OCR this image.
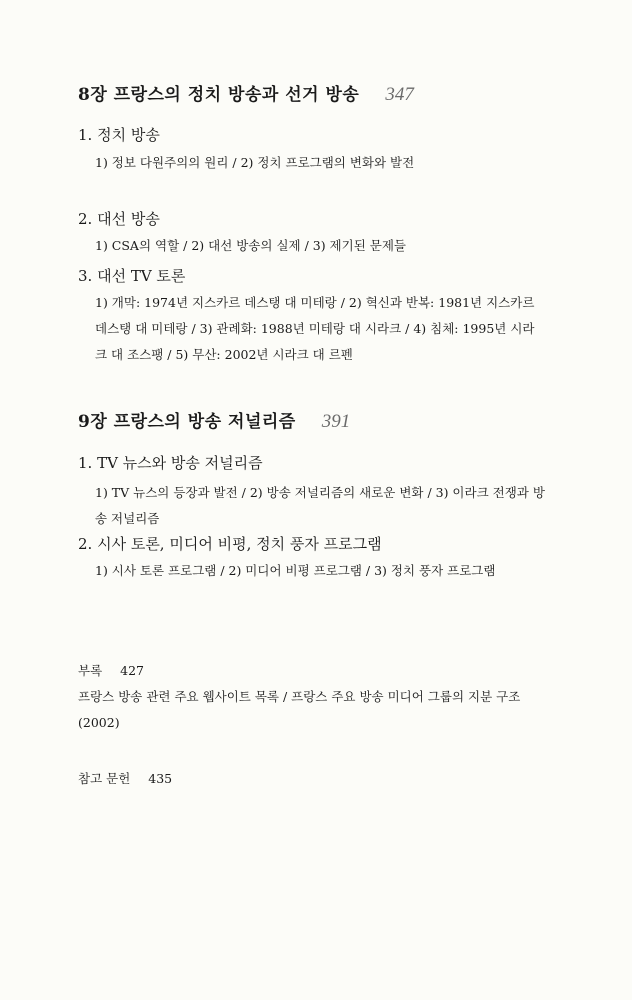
8장 프랑스의 정치 방송과 선거 방송 347
1. 정치 방송
1) 정보 다원주의의 원리 / 2) 정치 프로그램의 변화와 발전
2. 대선 방송
1) CSA의 역할 / 2) 대선 방송의 실제 / 3) 제기된 문제들
3. 대선 TV 토론
1) 개막: 1974년 지스카르 데스탱 대 미테랑 / 2) 혁신과 반복: 1981년 지스카르 데스탱 대 미테랑 / 3) 관례화: 1988년 미테랑 대 시라크 / 4) 침체: 1995년 시라크 대 조스팽 / 5) 무산: 2002년 시라크 대 르펜
9장 프랑스의 방송 저널리즘 391
1. TV 뉴스와 방송 저널리즘
1) TV 뉴스의 등장과 발전 / 2) 방송 저널리즘의 새로운 변화 / 3) 이라크 전쟁과 방송 저널리즘
2. 시사 토론, 미디어 비평, 정치 풍자 프로그램
1) 시사 토론 프로그램 / 2) 미디어 비평 프로그램 / 3) 정치 풍자 프로그램
부록 427
프랑스 방송 관련 주요 웹사이트 목록 / 프랑스 주요 방송 미디어 그룹의 지분 구조 (2002)
참고 문헌 435
